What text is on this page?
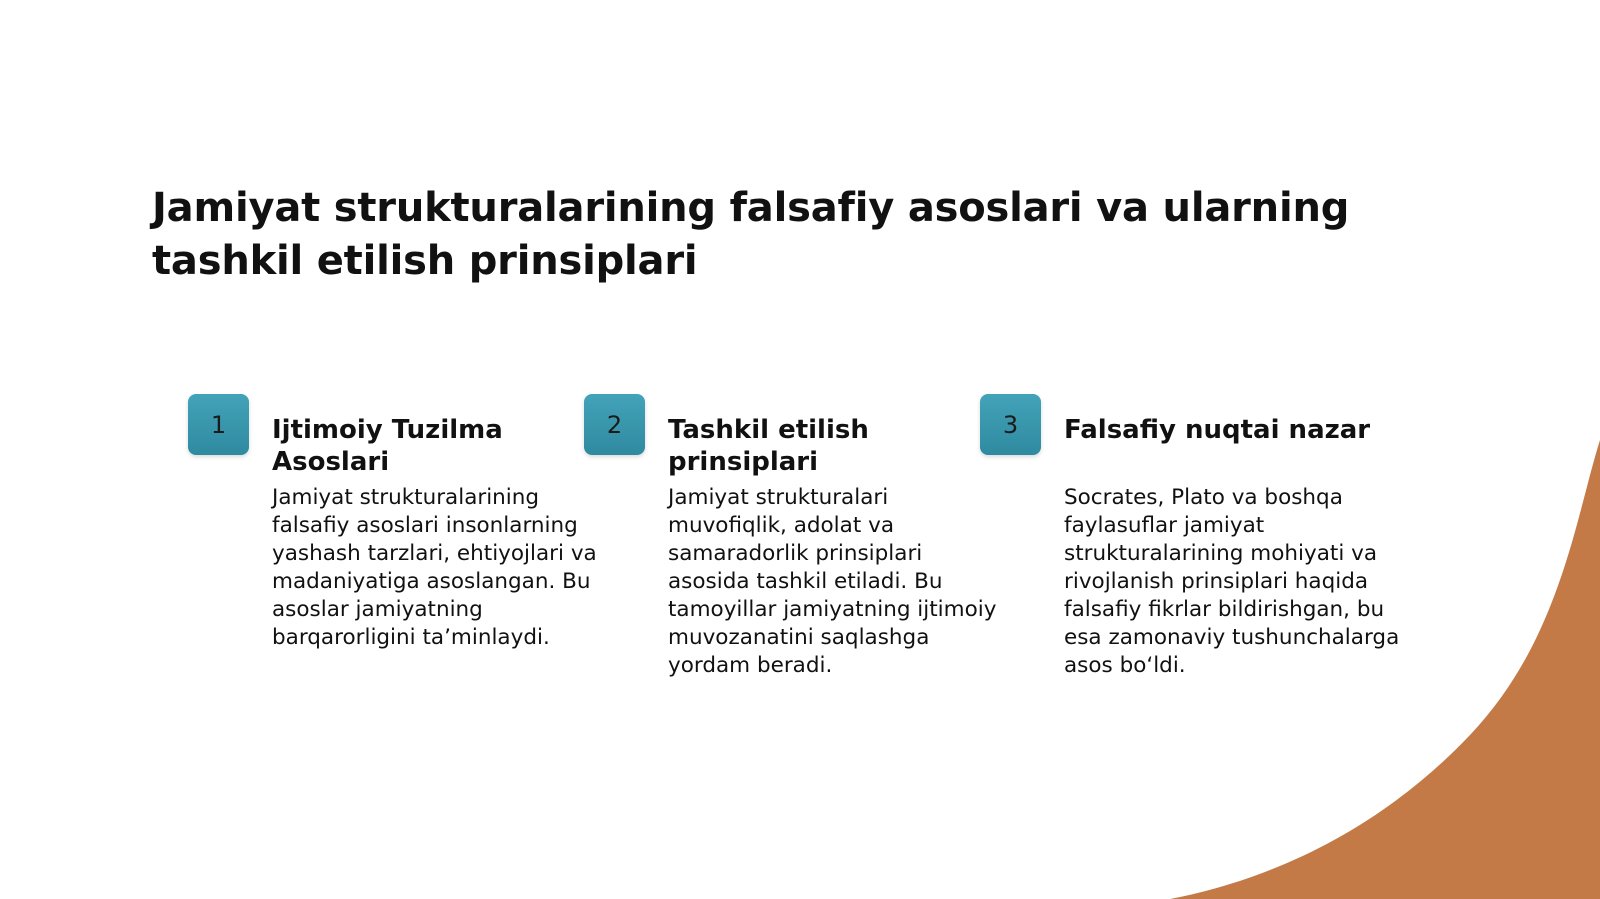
Jamiyat strukturalarining falsafiy asoslari va ularning tashkil etilish prinsiplari
1	Ijtimoiy Tuzilma Asoslari

Jamiyat strukturalarining falsafiy asoslari insonlarning yashash tarzlari, ehtiyojlari va madaniyatiga asoslangan. Bu asoslar jamiyatning barqarorligini ta’minlaydi.

2	Tashkil etilish prinsiplari

Jamiyat strukturalari muvofiqlik, adolat va samaradorlik prinsiplari asosida tashkil etiladi. Bu tamoyillar jamiyatning ijtimoiy muvozanatini saqlashga yordam beradi.

3	Falsafiy nuqtai nazar

Socrates, Plato va boshqa faylasuflar jamiyat strukturalarining mohiyati va rivojlanish prinsiplari haqida falsafiy fikrlar bildirishgan, bu esa zamonaviy tushunchalarga asos bo‘ldi.
